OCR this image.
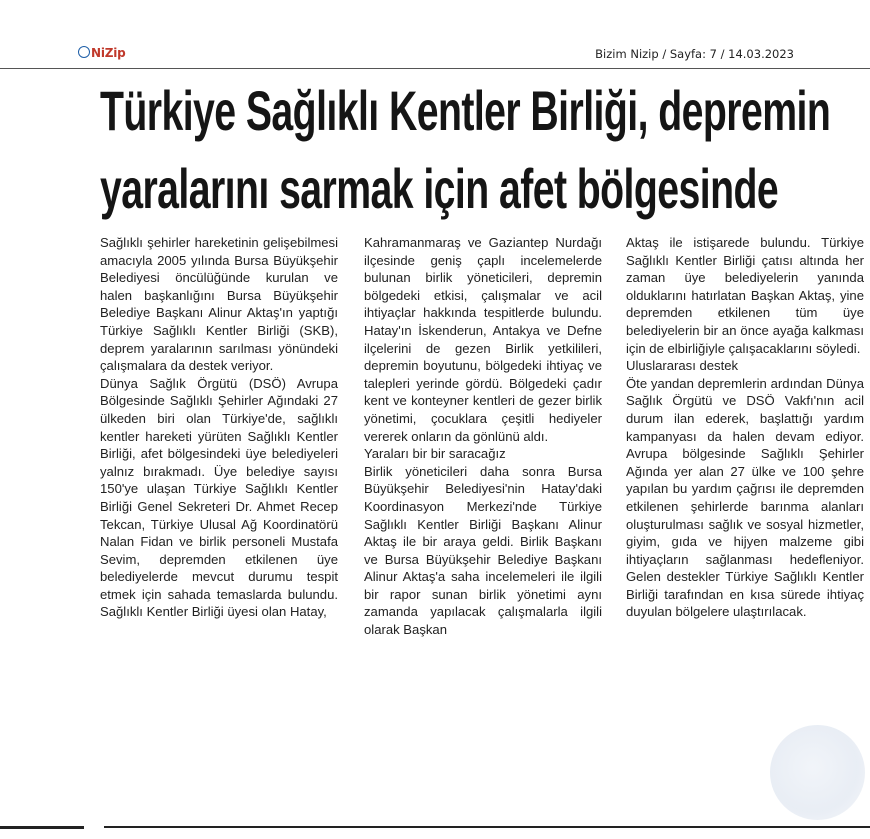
NiZip	Bizim Nizip / Sayfa: 7 / 14.03.2023
Türkiye Sağlıklı Kentler Birliği, depremin
yaralarını sarmak için afet bölgesinde

Sağlıklı şehirler hareketinin gelişebilmesi amacıyla 2005 yılında Bursa Büyükşehir Belediyesi öncülüğünde kurulan ve halen başkanlığını Bursa Büyükşehir Belediye Başkanı Alinur Aktaş'ın yaptığı Türkiye Sağlıklı Kentler Birliği (SKB), deprem yaralarının sarılması yönündeki çalışmalara da destek veriyor.

Dünya Sağlık Örgütü (DSÖ) Avrupa Bölgesinde Sağlıklı Şehirler Ağındaki 27 ülkeden biri olan Türkiye'de, sağlıklı kentler hareketi yürüten Sağlıklı Kentler Birliği, afet bölgesindeki üye belediyeleri yalnız bırakmadı. Üye belediye sayısı 150'ye ulaşan Türkiye Sağlıklı Kentler Birliği Genel Sekreteri Dr. Ahmet Recep Tekcan, Türkiye Ulusal Ağ Koordinatörü Nalan Fidan ve birlik personeli Mustafa Sevim, depremden etkilenen üye belediyelerde mevcut durumu tespit etmek için sahada temaslarda bulundu. Sağlıklı Kentler Birliği üyesi olan Hatay,

Kahramanmaraş ve Gaziantep Nurdağı ilçesinde geniş çaplı incelemelerde bulunan birlik yöneticileri, depremin bölgedeki etkisi, çalışmalar ve acil ihtiyaçlar hakkında tespitlerde bulundu. Hatay'ın İskenderun, Antakya ve Defne ilçelerini de gezen Birlik yetkilileri, depremin boyutunu, bölgedeki ihtiyaç ve talepleri yerinde gördü. Bölgedeki çadır kent ve konteyner kentleri de gezer birlik yönetimi, çocuklara çeşitli hediyeler vererek onların da gönlünü aldı.

Yaraları bir bir saracağız

Birlik yöneticileri daha sonra Bursa Büyükşehir Belediyesi'nin Hatay'daki Koordinasyon Merkezi'nde Türkiye Sağlıklı Kentler Birliği Başkanı Alinur Aktaş ile bir araya geldi. Birlik Başkanı ve Bursa Büyükşehir Belediye Başkanı Alinur Aktaş'a saha incelemeleri ile ilgili bir rapor sunan birlik yönetimi aynı zamanda yapılacak çalışmalarla ilgili olarak Başkan

Aktaş ile istişarede bulundu. Türkiye Sağlıklı Kentler Birliği çatısı altında her zaman üye belediyelerin yanında olduklarını hatırlatan Başkan Aktaş, yine depremden etkilenen tüm üye belediyelerin bir an önce ayağa kalkması için de elbirliğiyle çalışacaklarını söyledi.

Uluslararası destek

Öte yandan depremlerin ardından Dünya Sağlık Örgütü ve DSÖ Vakfı'nın acil durum ilan ederek, başlattığı yardım kampanyası da halen devam ediyor. Avrupa bölgesinde Sağlıklı Şehirler Ağında yer alan 27 ülke ve 100 şehre yapılan bu yardım çağrısı ile depremden etkilenen şehirlerde barınma alanları oluşturulması sağlık ve sosyal hizmetler, giyim, gıda ve hijyen malzeme gibi ihtiyaçların sağlanması hedefleniyor. Gelen destekler Türkiye Sağlıklı Kentler Birliği tarafından en kısa sürede ihtiyaç duyulan bölgelere ulaştırılacak.
